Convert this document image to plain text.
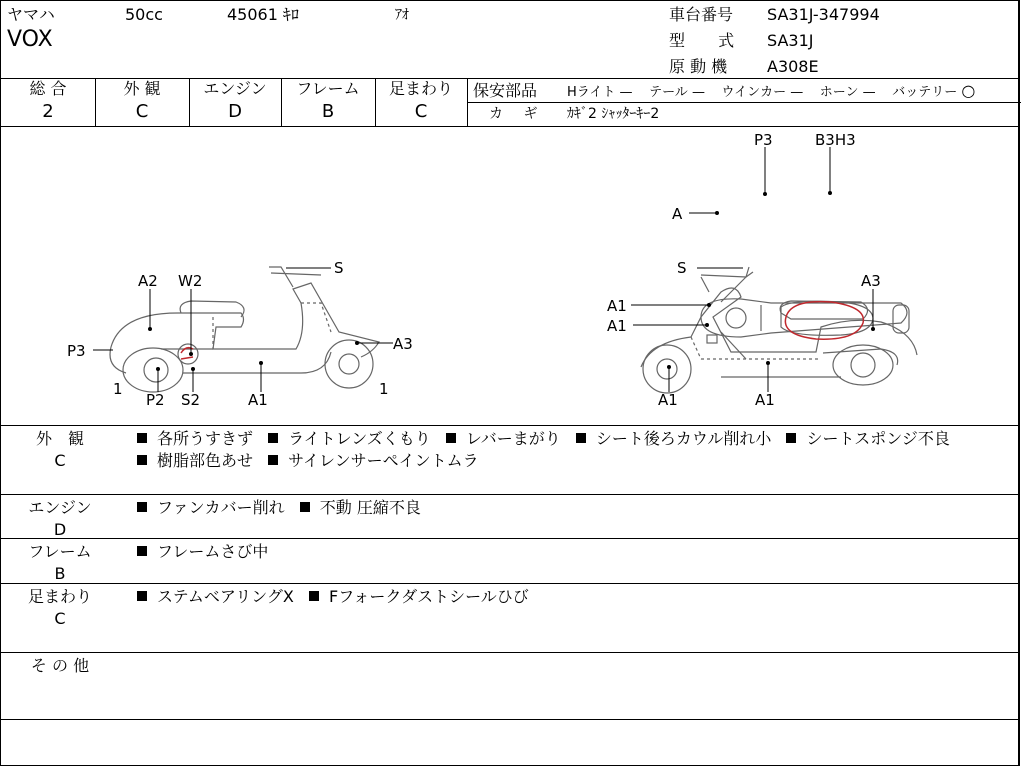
ヤマハ	50cc	45061 ｷﾛ	ｱｵ
VOX
車台番号 SA31J-347994
型 式 SA31J
原 動 機 A308E
総 合
2
外 観
C
エンジン
D
フレーム
B
足まわり
C
保安部品 Hライト — テール — ウインカー — ホーン — バッテリー ○
カ ギ ｶｷﾞ2 ｼｬｯﾀｰｷｰ2
P3	B3H3
A
A2 W2
S
P3	A3
1	1
P2 S2	A1
S
A3
A1
A1
A1	A1
外　観
C
各所うすきず ライトレンズくもり レバーまがり シート後ろカウル削れ小 シートスポンジ不良
樹脂部色あせ サイレンサーペイントムラ
エンジン
D
ファンカバー削れ 不動 圧縮不良
フレーム
B
フレームさび中
足まわり
C
ステムベアリングX Fフォークダストシールひび
そ の 他
